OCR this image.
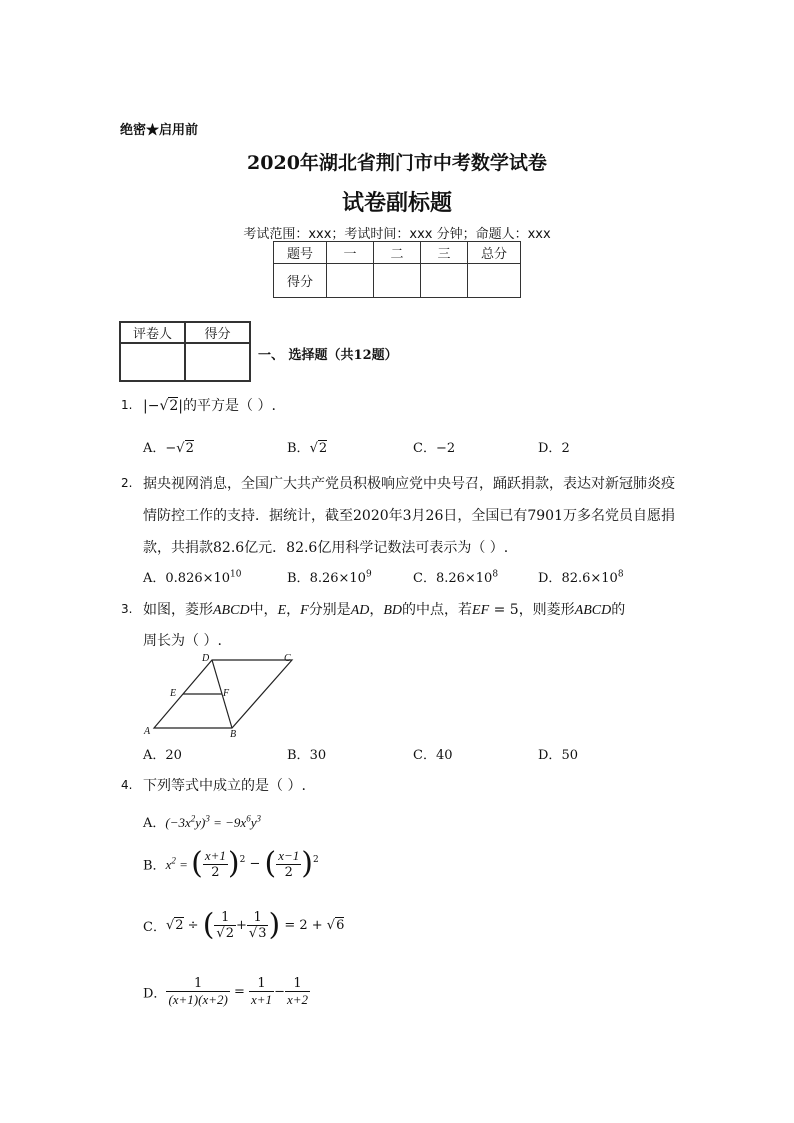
绝密★启用前
2020年湖北省荆门市中考数学试卷
试卷副标题
考试范围：xxx；考试时间：xxx 分钟；命题人：xxx
题号	一	二	三	总分
得分				
评卷人	得分

一、 选择题（共12题）
1. |−√2|的平方是（ ）.
A．−√2	B．√2	C．−2	D．2
2. 据央视网消息，全国广大共产党员积极响应党中央号召，踊跃捐款，表达对新冠肺炎疫
情防控工作的支持．据统计，截至2020年3月26日，全国已有7901万多名党员自愿捐
款，共捐款82.6亿元．82.6亿用科学记数法可表示为（ ）.
A．$0.826\times 10^{10}$	B．$8.26\times 10^9$	C．$8.26\times 10^8$	D．$82.6\times 10^8$
3. 如图，菱形ABCD中，E，F分别是AD，BD的中点，若EF = 5，则菱形ABCD的
周长为（ ）.
A	B
C
D
E	F
A．20	B．30	C．40	D．50
4. 下列等式中成立的是（ ）.
A．$(-3x^2y)^3 = -9x^6y^3$
B．$x^2$ = ( $\frac{x+1}{2} )^2$ − ( $\frac{x-1}{2} )^2$
C．√2 ÷ ( $\frac{1}{√2} + \frac{1}{√3}$ ) = 2 + √6
D． $\frac{1}{(x+1)(x+2)} = \frac{1}{x+1} - \frac{1}{x+2}$
